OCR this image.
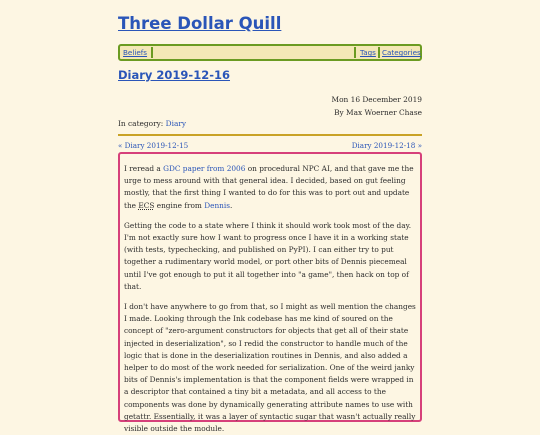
Three Dollar Quill
Beliefs	Tags Categories
Diary 2019-12-16
Mon 16 December 2019
By Max Woerner Chase
In category: Diary
« Diary 2019-12-15	Diary 2019-12-18 »

I reread a GDC paper from 2006 on procedural NPC AI, and that gave me the urge to mess around with that general idea. I decided, based on gut feeling mostly, that the first thing I wanted to do for this was to port out and update the ECS engine from Dennis.

Getting the code to a state where I think it should work took most of the day. I'm not exactly sure how I want to progress once I have it in a working state (with tests, typechecking, and published on PyPI). I can either try to put together a rudimentary world model, or port other bits of Dennis piecemeal until I've got enough to put it all together into "a game", then hack on top of that.

I don't have anywhere to go from that, so I might as well mention the changes I made. Looking through the Ink codebase has me kind of soured on the concept of "zero-argument constructors for objects that get all of their state injected in deserialization", so I redid the constructor to handle much of the logic that is done in the deserialization routines in Dennis, and also added a helper to do most of the work needed for serialization. One of the weird janky bits of Dennis's implementation is that the component fields were wrapped in a descriptor that contained a tiny bit a metadata, and all access to the components was done by dynamically generating attribute names to use with getattr. Essentially, it was a layer of syntactic sugar that wasn't actually really visible outside the module.
